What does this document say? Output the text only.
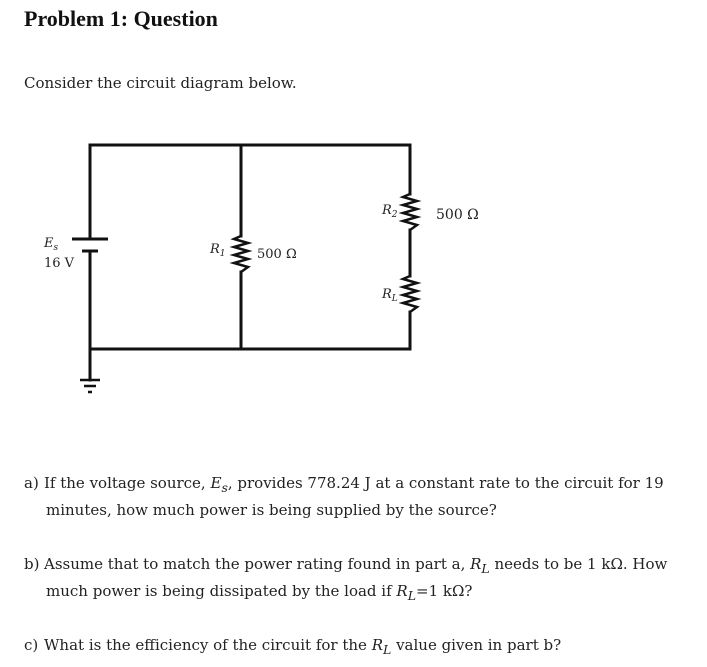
Problem 1: Question
Consider the circuit diagram below.
$E_s$
16 V
$R_1$ 500 Ω
$R_2$	500 Ω
$R_L$
a) If the voltage source, $E_s$, provides 778.24 J at a constant rate to the circuit for 19
minutes, how much power is being supplied by the source?
b) Assume that to match the power rating found in part a, $R_L$ needs to be 1 kΩ. How
much power is being dissipated by the load if $R_L=1$ kΩ?
c) What is the efficiency of the circuit for the $R_L$ value given in part b?
